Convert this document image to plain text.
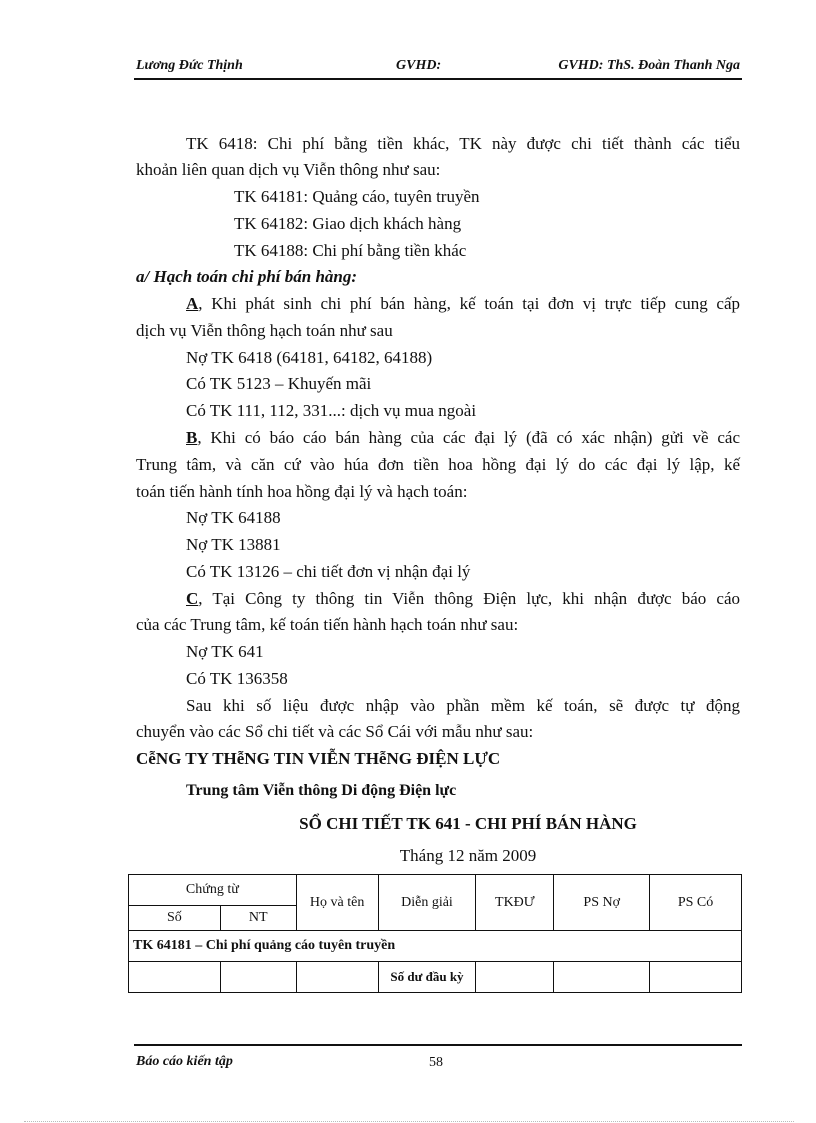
Lương Đức Thịnh	GVHD:	GVHD: ThS. Đoàn Thanh Nga
TK 6418: Chi phí bằng tiền khác, TK này được chi tiết thành các tiểu
khoản liên quan dịch vụ Viễn thông như sau:
TK 64181: Quảng cáo, tuyên truyền
TK 64182: Giao dịch khách hàng
TK 64188: Chi phí bằng tiền khác
a/ Hạch toán chi phí bán hàng:
A, Khi phát sinh chi phí bán hàng, kế toán tại đơn vị trực tiếp cung cấp
dịch vụ Viễn thông hạch toán như sau
Nợ TK 6418 (64181, 64182, 64188)
Có TK 5123 – Khuyến mãi
Có TK 111, 112, 331...: dịch vụ mua ngoài
B, Khi có báo cáo bán hàng của các đại lý (đã có xác nhận) gửi về các
Trung tâm, và căn cứ vào húa đơn tiền hoa hồng đại lý do các đại lý lập, kế
toán tiến hành tính hoa hồng đại lý và hạch toán:
Nợ TK 64188
Nợ TK 13881
Có TK 13126 – chi tiết đơn vị nhận đại lý
C, Tại Công ty thông tin Viễn thông Điện lực, khi nhận được báo cáo
của các Trung tâm, kế toán tiến hành hạch toán như sau:
Nợ TK 641
Có TK 136358
Sau khi số liệu được nhập vào phần mềm kế toán, sẽ được tự động
chuyển vào các Sổ chi tiết và các Sổ Cái với mẫu như sau:
CễNG TY THễNG TIN VIỄN THễNG ĐIỆN LỰC
Trung tâm Viễn thông Di động Điện lực
SỔ CHI TIẾT TK 641 - CHI PHÍ BÁN HÀNG
Tháng 12 năm 2009
Chứng từ		Họ và tên	Diễn giải	TKĐƯ	PS Nợ	PS Có
Số	NT					
TK 64181 – Chi phí quảng cáo tuyên truyền						
			Số dư đầu kỳ			
Báo cáo kiến tập	58
